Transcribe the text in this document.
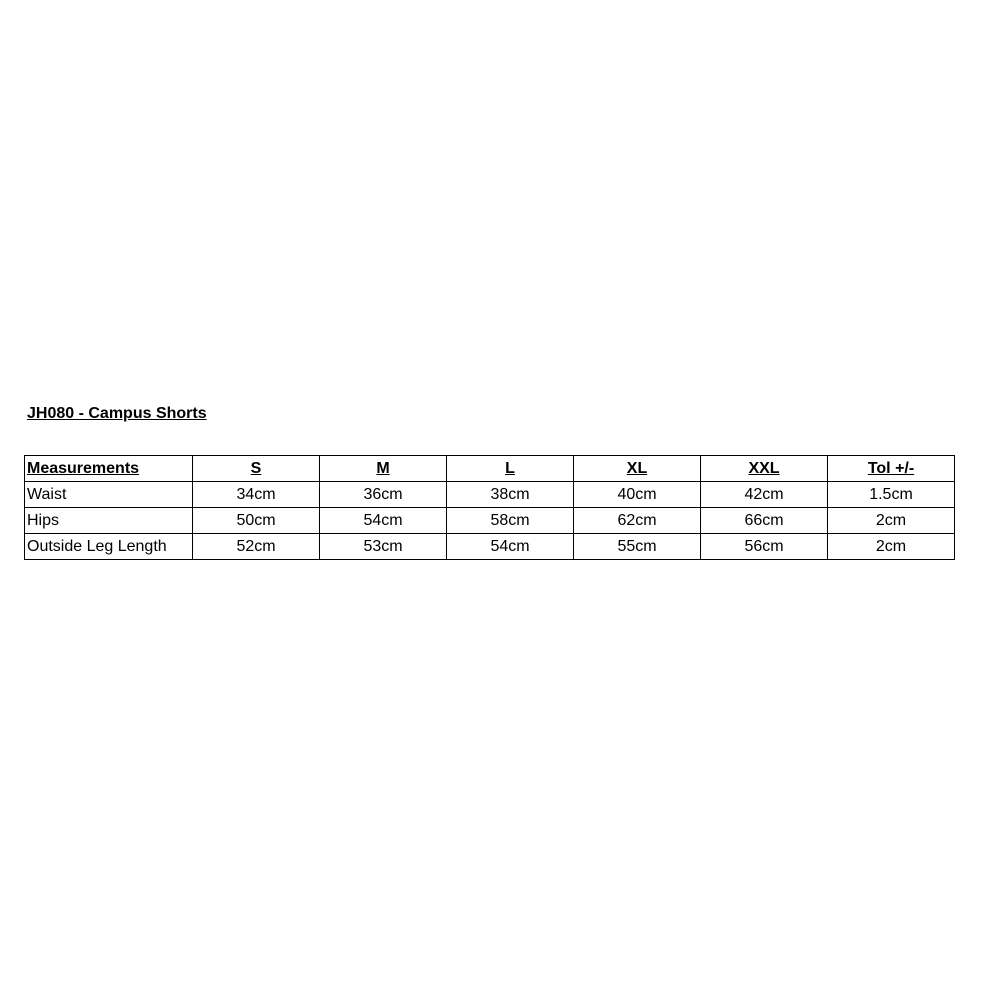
JH080 - Campus Shorts
Measurements	S	M	L	XL	XXL	Tol +/-
Waist	34cm	36cm	38cm	40cm	42cm	1.5cm
Hips	50cm	54cm	58cm	62cm	66cm	2cm
Outside Leg Length	52cm	53cm	54cm	55cm	56cm	2cm
